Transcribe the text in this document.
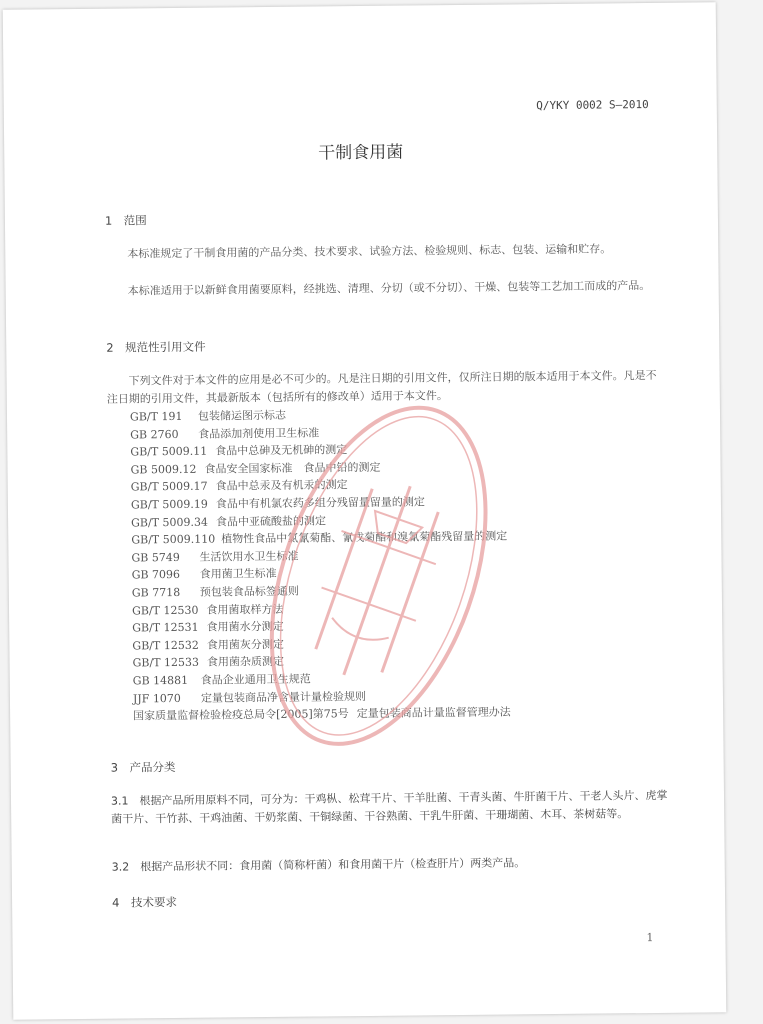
Q/YKY 0002 S—2010
干制食用菌
1　范围
本标准规定了干制食用菌的产品分类、技术要求、试验方法、检验规则、标志、包装、运输和贮存。
本标准适用于以新鲜食用菌要原料，经挑选、清理、分切（或不分切）、干燥、包装等工艺加工而成的产品。
2　规范性引用文件
下列文件对于本文件的应用是必不可少的。凡是注日期的引用文件，仅所注日期的版本适用于本文件。凡是不注日期的引用文件，其最新版本（包括所有的修改单）适用于本文件。
GB/T 191 包装储运图示标志
GB 2760 食品添加剂使用卫生标准
GB/T 5009.11 食品中总砷及无机砷的测定
GB 5009.12 食品安全国家标准　食品中铅的测定
GB/T 5009.17 食品中总汞及有机汞的测定
GB/T 5009.19 食品中有机氯农药多组分残留量留量的测定
GB/T 5009.34 食品中亚硫酸盐的测定
GB/T 5009.110 植物性食品中氯氰菊酯、氰戊菊酯和溴氰菊酯残留量的测定
GB 5749 生活饮用水卫生标准
GB 7096 食用菌卫生标准
GB 7718 预包装食品标签通则
GB/T 12530 食用菌取样方法
GB/T 12531 食用菌水分测定
GB/T 12532 食用菌灰分测定
GB/T 12533 食用菌杂质测定
GB 14881 食品企业通用卫生规范
JJF 1070 定量包装商品净含量计量检验规则
国家质量监督检验检疫总局令[2005]第75号 定量包装商品计量监督管理办法
3　产品分类
3.1　根据产品所用原料不同，可分为：干鸡枞、松茸干片、干羊肚菌、干青头菌、牛肝菌干片、干老人头片、虎掌菌干片、干竹荪、干鸡油菌、干奶浆菌、干铜绿菌、干谷熟菌、干乳牛肝菌、干珊瑚菌、木耳、茶树菇等。
3.2　根据产品形状不同：食用菌（简称杆菌）和食用菌干片（检查肝片）两类产品。
4　技术要求
1
